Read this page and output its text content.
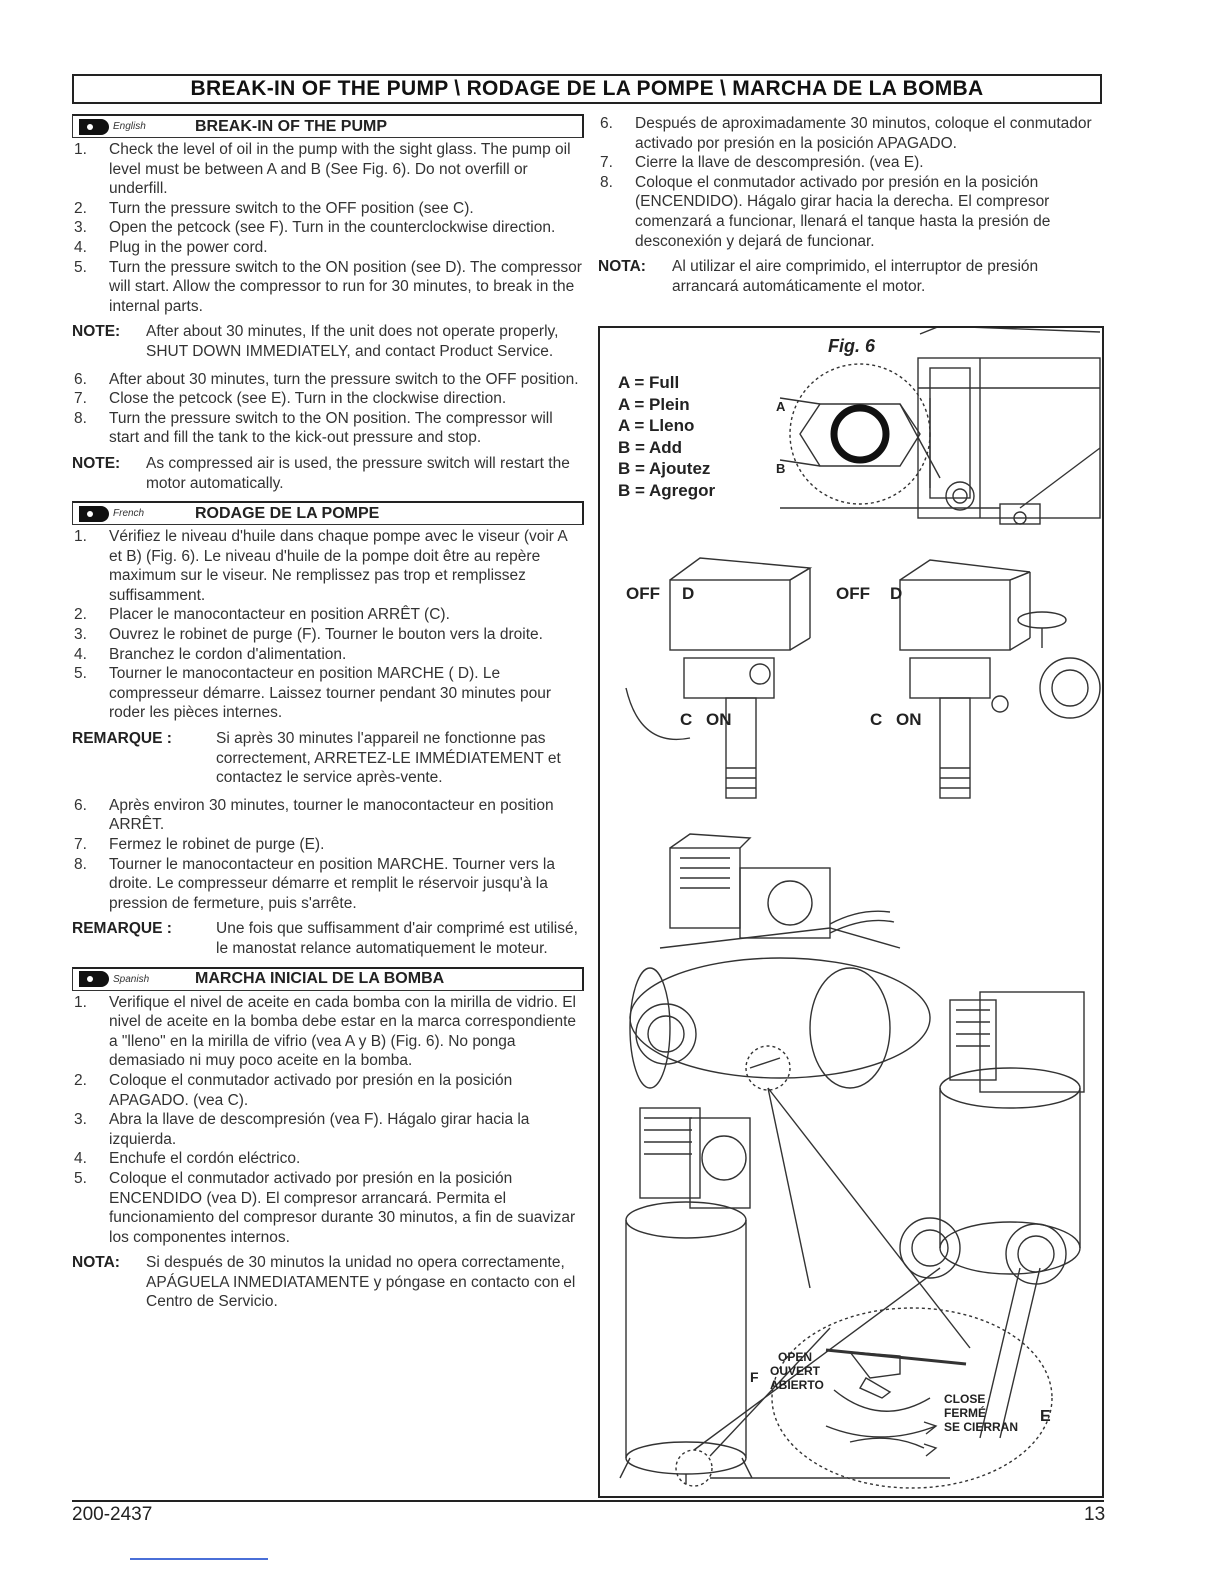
BREAK-IN OF THE PUMP \ RODAGE DE LA POMPE \ MARCHA DE LA BOMBA
English	BREAK-IN OF THE PUMP
1. Check the level of oil in the pump with the sight glass. The pump oil level must be between A and B (See Fig. 6). Do not overfill or underfill.
2. Turn the pressure switch to the OFF position (see C).
3. Open the petcock (see F). Turn in the counterclockwise direction.
4. Plug in the power cord.
5. Turn the pressure switch to the ON position (see D). The compressor will start. Allow the compressor to run for 30 minutes, to break in the internal parts.
NOTE: After about 30 minutes, If the unit does not operate properly, SHUT DOWN IMMEDIATELY, and contact Product Service.
6. After about 30 minutes, turn the pressure switch to the OFF position.
7. Close the petcock (see E). Turn in the clockwise direction.
8. Turn the pressure switch to the ON position. The compressor will start and fill the tank to the kick-out pressure and stop.
NOTE: As compressed air is used, the pressure switch will restart the motor automatically.
French	RODAGE DE LA POMPE
1. Vérifiez le niveau d'huile dans chaque pompe avec le viseur (voir A et B) (Fig. 6). Le niveau d'huile de la pompe doit être au repère maximum sur le viseur. Ne remplissez pas trop et remplissez suffisamment.
2. Placer le manocontacteur en position ARRÊT (C).
3. Ouvrez le robinet de purge (F). Tourner le bouton vers la droite.
4. Branchez le cordon d'alimentation.
5. Tourner le manocontacteur en position MARCHE ( D). Le compresseur démarre. Laissez tourner pendant 30 minutes pour roder les pièces internes.
REMARQUE :	Si après 30 minutes l'appareil ne fonctionne pas correctement, ARRETEZ-LE IMMÉDIATEMENT et contactez le service après-vente.
6. Après environ 30 minutes, tourner le manocontacteur en position ARRÊT.
7. Fermez le robinet de purge (E).
8. Tourner le manocontacteur en position MARCHE. Tourner vers la droite. Le compresseur démarre et remplit le réservoir jusqu'à la pression de fermeture, puis s'arrête.
REMARQUE :	Une fois que suffisamment d'air comprimé est utilisé, le manostat relance automatiquement le moteur.
Spanish	MARCHA INICIAL DE LA BOMBA
1. Verifique el nivel de aceite en cada bomba con la mirilla de vidrio. El nivel de aceite en la bomba debe estar en la marca correspondiente a "lleno" en la mirilla de vifrio (vea A y B) (Fig. 6). No ponga demasiado ni muy poco aceite en la bomba.
2. Coloque el conmutador activado por presión en la posición APAGADO. (vea C).
3. Abra la llave de descompresión (vea F). Hágalo girar hacia la izquierda.
4. Enchufe el cordón eléctrico.
5. Coloque el conmutador activado por presión en la posición ENCENDIDO (vea D). El compresor arrancará. Permita el funcionamiento del compresor durante 30 minutos, a fin de suavizar los componentes internos.
NOTA: Si después de 30 minutos la unidad no opera correctamente, APÁGUELA INMEDIATAMENTE y póngase en contacto con el Centro de Servicio.
6. Después de aproximadamente 30 minutos, coloque el conmutador activado por presión en la posición APAGADO.
7. Cierre la llave de descompresión. (vea E).
8. Coloque el conmutador activado por presión en la posición (ENCENDIDO). Hágalo girar hacia la derecha. El compresor comenzará a funcionar, llenará el tanque hasta la presión de desconexión y dejará de funcionar.
NOTA: Al utilizar el aire comprimido, el interruptor de presión arrancará automáticamente el motor.
Fig. 6
A = Full
A = Plein
A = Lleno
B = Add
B = Ajoutez
B = Agregor
A
B
OFF D	OFF D
C ON	C ON
OPEN
OUVERT
ABIERTO
F
CLOSE
FERMÉ
SE CIERRAN
E
200-2437	13
